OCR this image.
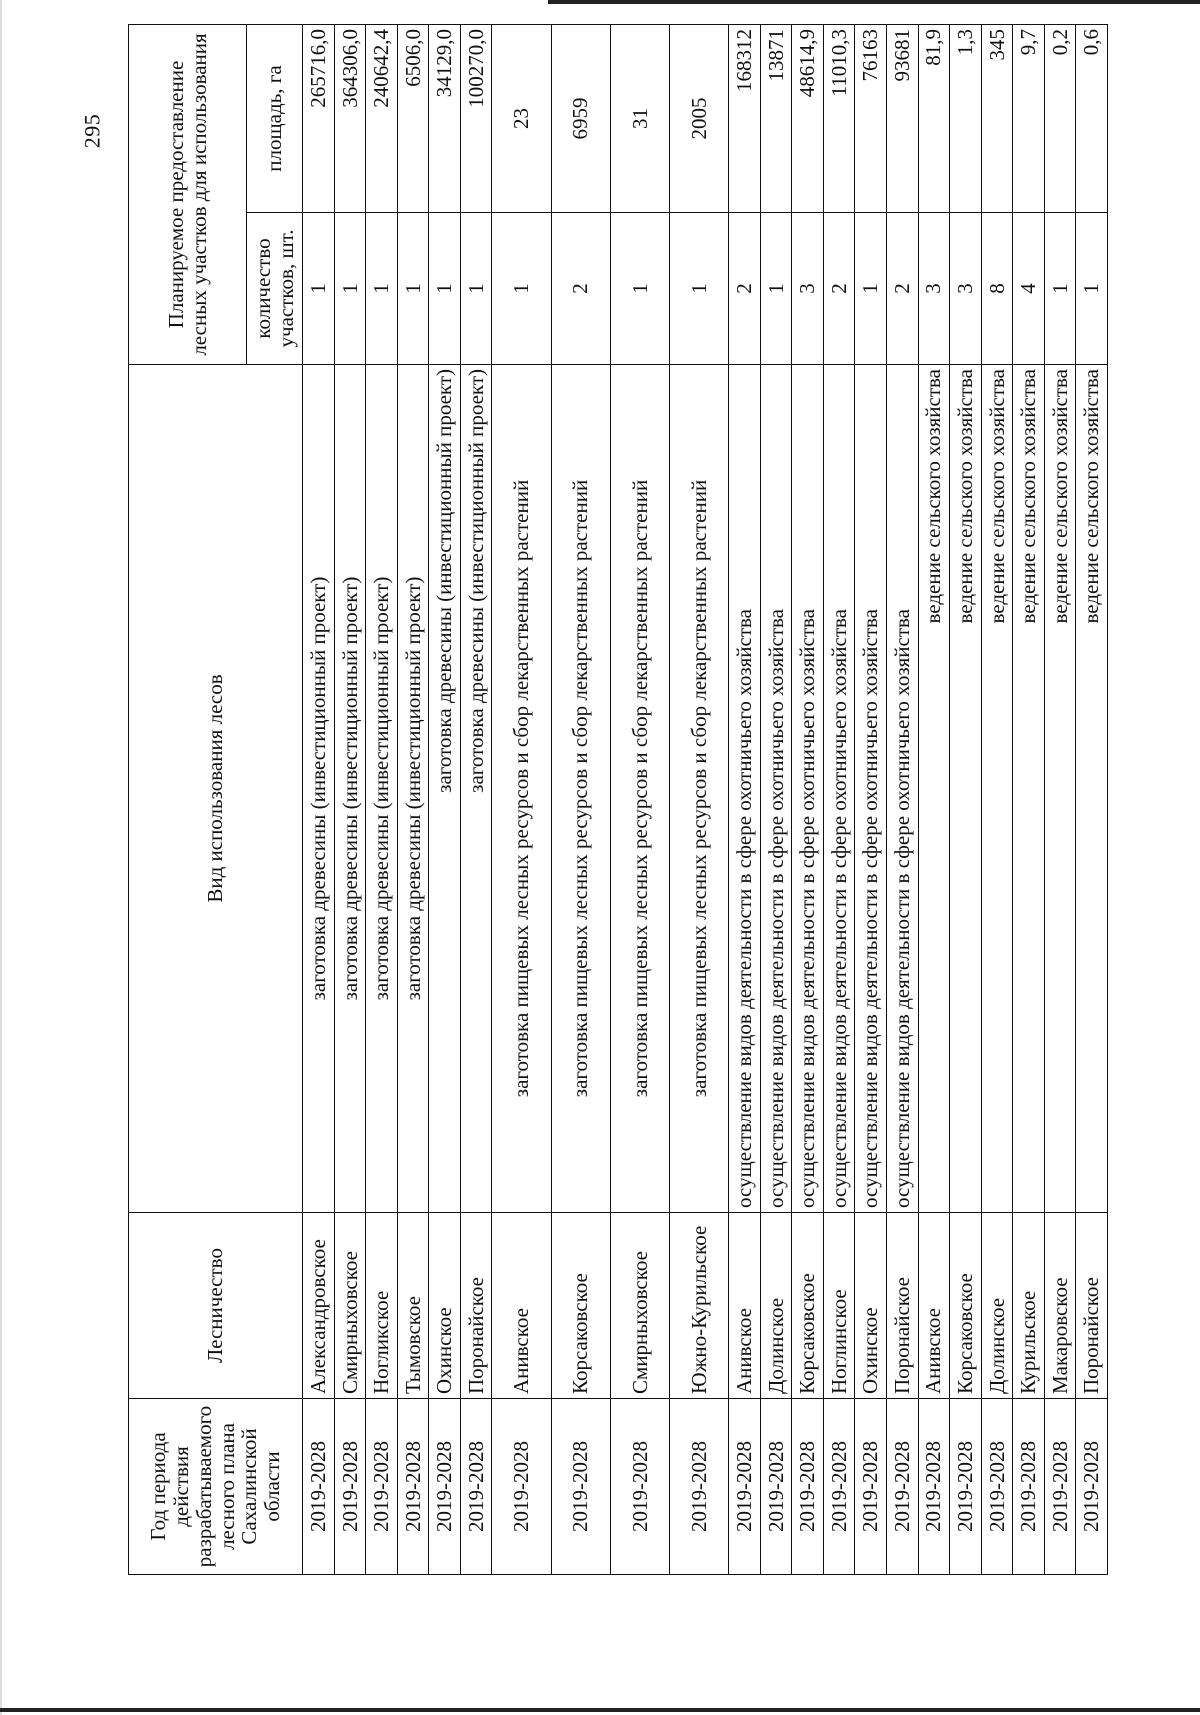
295
Год периода действия разрабатываемого лесного плана Сахалинской области	Лесничество	Вид использования лесов	Планируемое предоставление лесных участков для использования	
			количество участков, шт.	площадь, га
2019-2028	Александровское	заготовка древесины (инвестиционный проект)	1	265716,0
2019-2028	Смирныховское	заготовка древесины (инвестиционный проект)	1	364306,0
2019-2028	Ногликское	заготовка древесины (инвестиционный проект)	1	240642,4
2019-2028	Тымовское	заготовка древесины (инвестиционный проект)	1	6506,0
2019-2028	Охинское	заготовка древесины (инвестиционный проект)	1	34129,0
2019-2028	Поронайское	заготовка древесины (инвестиционный проект)	1	100270,0
2019-2028	Анивское	заготовка пищевых лесных ресурсов и сбор лекарственных растений	1	23
2019-2028	Корсаковское	заготовка пищевых лесных ресурсов и сбор лекарственных растений	2	6959
2019-2028	Смирныховское	заготовка пищевых лесных ресурсов и сбор лекарственных растений	1	31
2019-2028	Южно-Курильское	заготовка пищевых лесных ресурсов и сбор лекарственных растений	1	2005
2019-2028	Анивское	осуществление видов деятельности в сфере охотничьего хозяйства	2	168312
2019-2028	Долинское	осуществление видов деятельности в сфере охотничьего хозяйства	1	13871
2019-2028	Корсаковское	осуществление видов деятельности в сфере охотничьего хозяйства	3	48614,9
2019-2028	Ноглинское	осуществление видов деятельности в сфере охотничьего хозяйства	2	11010,3
2019-2028	Охинское	осуществление видов деятельности в сфере охотничьего хозяйства	1	76163
2019-2028	Поронайское	осуществление видов деятельности в сфере охотничьего хозяйства	2	93681
2019-2028	Анивское	ведение сельского хозяйства	3	81,9
2019-2028	Корсаковское	ведение сельского хозяйства	3	1,3
2019-2028	Долинское	ведение сельского хозяйства	8	345
2019-2028	Курильское	ведение сельского хозяйства	4	9,7
2019-2028	Макаровское	ведение сельского хозяйства	1	0,2
2019-2028	Поронайское	ведение сельского хозяйства	1	0,6
